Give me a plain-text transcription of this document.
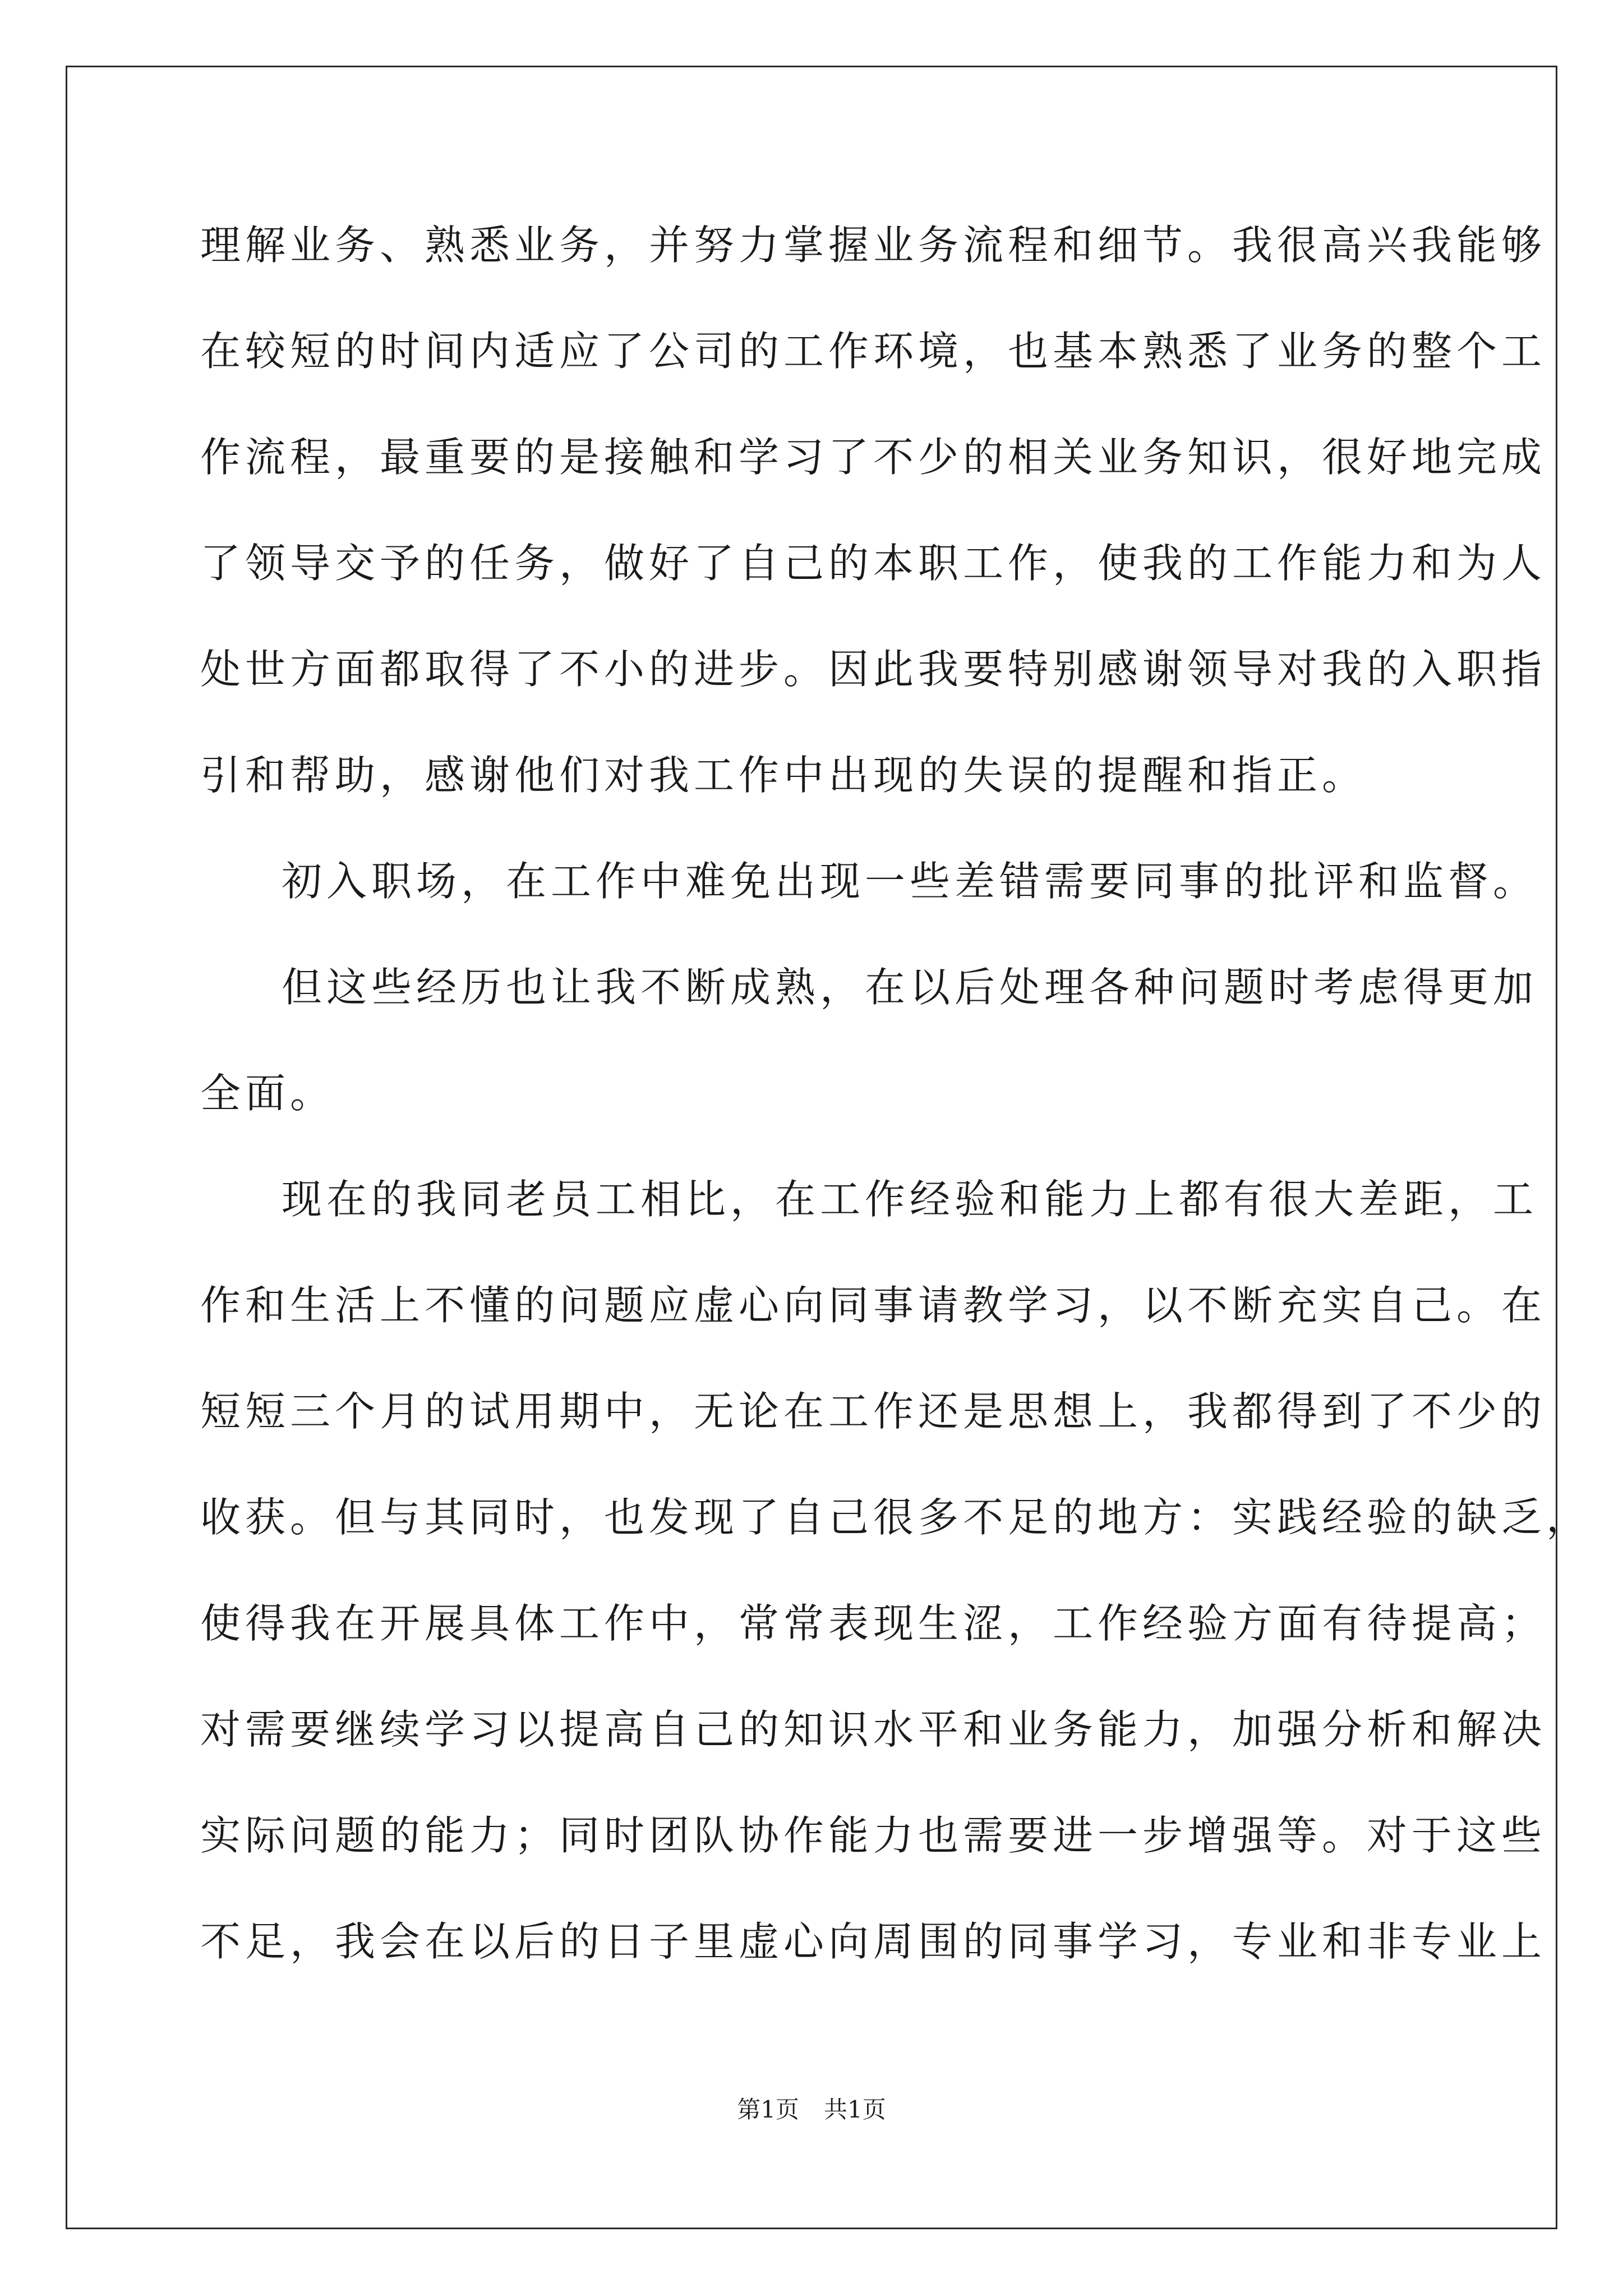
理解业务、熟悉业务，并努力掌握业务流程和细节。我很高兴我能够
在较短的时间内适应了公司的工作环境，也基本熟悉了业务的整个工
作流程，最重要的是接触和学习了不少的相关业务知识，很好地完成
了领导交予的任务，做好了自己的本职工作，使我的工作能力和为人
处世方面都取得了不小的进步。因此我要特别感谢领导对我的入职指
引和帮助，感谢他们对我工作中出现的失误的提醒和指正。
初入职场，在工作中难免出现一些差错需要同事的批评和监督。
但这些经历也让我不断成熟，在以后处理各种问题时考虑得更加
全面。
现在的我同老员工相比，在工作经验和能力上都有很大差距，工
作和生活上不懂的问题应虚心向同事请教学习，以不断充实自己。在
短短三个月的试用期中，无论在工作还是思想上，我都得到了不少的
收获。但与其同时，也发现了自己很多不足的地方：实践经验的缺乏，
使得我在开展具体工作中，常常表现生涩，工作经验方面有待提高；
对需要继续学习以提高自己的知识水平和业务能力，加强分析和解决
实际问题的能力；同时团队协作能力也需要进一步增强等。对于这些
不足，我会在以后的日子里虚心向周围的同事学习，专业和非专业上
第1页 共1页
